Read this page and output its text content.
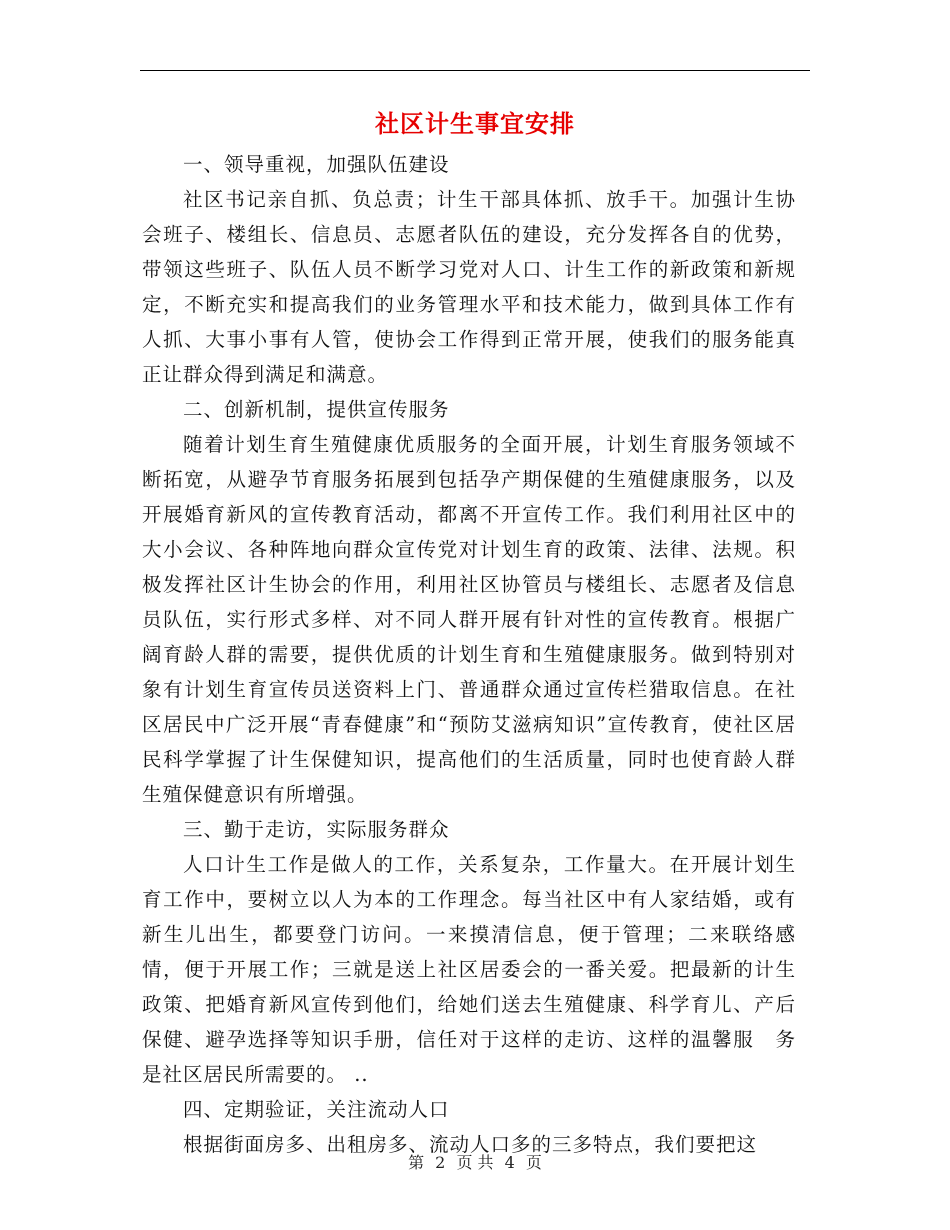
社区计生事宜安排

一、领导重视，加强队伍建设

社区书记亲自抓、负总责；计生干部具体抓、放手干。加强计生协会班子、楼组长、信息员、志愿者队伍的建设，充分发挥各自的优势，带领这些班子、队伍人员不断学习党对人口、计生工作的新政策和新规定，不断充实和提高我们的业务管理水平和技术能力，做到具体工作有人抓、大事小事有人管，使协会工作得到正常开展，使我们的服务能真正让群众得到满足和满意。

二、创新机制，提供宣传服务

随着计划生育生殖健康优质服务的全面开展，计划生育服务领域不断拓宽，从避孕节育服务拓展到包括孕产期保健的生殖健康服务，以及开展婚育新风的宣传教育活动，都离不开宣传工作。我们利用社区中的大小会议、各种阵地向群众宣传党对计划生育的政策、法律、法规。积极发挥社区计生协会的作用，利用社区协管员与楼组长、志愿者及信息员队伍，实行形式多样、对不同人群开展有针对性的宣传教育。根据广阔育龄人群的需要，提供优质的计划生育和生殖健康服务。做到特别对象有计划生育宣传员送资料上门、普通群众通过宣传栏猎取信息。在社区居民中广泛开展“青春健康”和“预防艾滋病知识”宣传教育，使社区居民科学掌握了计生保健知识，提高他们的生活质量，同时也使育龄人群生殖保健意识有所增强。

三、勤于走访，实际服务群众

人口计生工作是做人的工作，关系复杂，工作量大。在开展计划生育工作中，要树立以人为本的工作理念。每当社区中有人家结婚，或有新生儿出生，都要登门访问。一来摸清信息，便于管理；二来联络感情，便于开展工作；三就是送上社区居委会的一番关爱。把最新的计生政策、把婚育新风宣传到他们，给她们送去生殖健康、科学育儿、产后保健、避孕选择等知识手册，信任对于这样的走访、这样的温馨服　务是社区居民所需要的。 ..

四、定期验证，关注流动人口

根据街面房多、出租房多、流动人口多的三多特点，我们要把这

第 2 页 共 4 页
